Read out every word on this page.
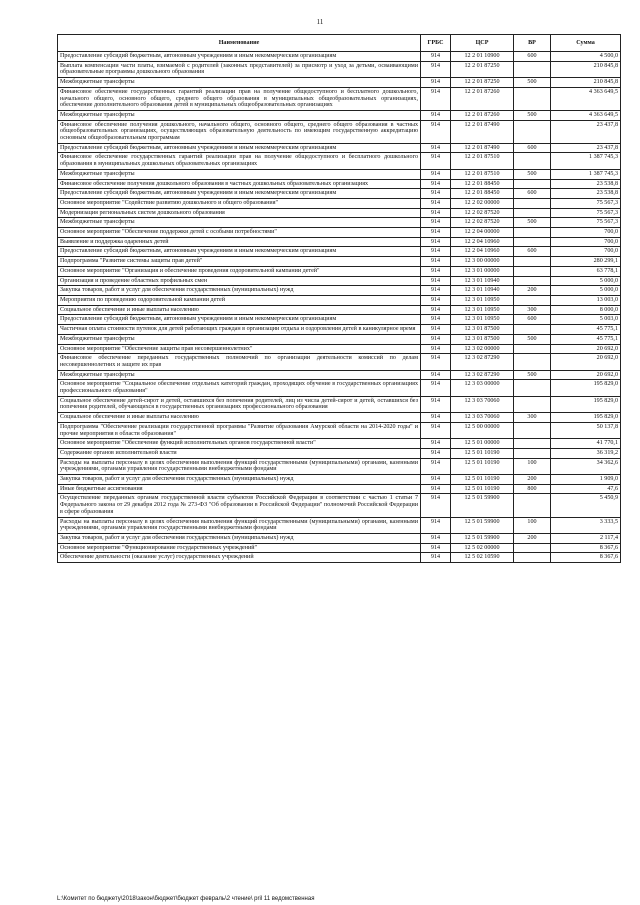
11
Наименование	ГРБС	ЦСР	ВР	Сумма
Предоставление субсидий бюджетным, автономным учреждениям и иным некоммерческим организациям	914	12 2 01 10900	600	4 500,0
Выплата компенсации части платы, взимаемой с родителей (законных представителей) за присмотр и уход за детьми, осваивающими образовательные программы дошкольного образования	914	12 2 01 87250		210 845,8
Межбюджетные трансферты	914	12 2 01 87250	500	210 845,8
Финансовое обеспечение государственных гарантий реализации прав на получение общедоступного и бесплатного дошкольного, начального общего, основного общего, среднего общего образования в муниципальных общеобразовательных организациях, обеспечение дополнительного образования детей в муниципальных общеобразовательных организациях	914	12 2 01 87260		4 363 649,5
Межбюджетные трансферты	914	12 2 01 87260	500	4 363 649,5
Финансовое обеспечение получения дошкольного, начального общего, основного общего, среднего общего образования в частных общеобразовательных организациях, осуществляющих образовательную деятельность по имеющим государственную аккредитацию основным общеобразовательным программам	914	12 2 01 87490		23 437,8
Предоставление субсидий бюджетным, автономным учреждениям и иным некоммерческим организациям	914	12 2 01 87490	600	23 437,8
Финансовое обеспечение государственных гарантий реализации прав на получение общедоступного и бесплатного дошкольного образования в муниципальных дошкольных образовательных организациях	914	12 2 01 87510		1 387 745,3
Межбюджетные трансферты	914	12 2 01 87510	500	1 387 745,3
Финансовое обеспечение получения дошкольного образования в частных дошкольных образовательных организациях	914	12 2 01 88450		23 538,8
Предоставление субсидий бюджетным, автономным учреждениям и иным некоммерческим организациям	914	12 2 01 88450	600	23 538,8
Основное мероприятие "Содействие развитию дошкольного и общего образования"	914	12 2 02 00000		75 567,3
Модернизация региональных систем дошкольного образования	914	12 2 02 87520		75 567,3
Межбюджетные трансферты	914	12 2 02 87520	500	75 567,3
Основное мероприятие "Обеспечение поддержки детей с особыми потребностями"	914	12 2 04 00000		700,0
Выявление и поддержка одаренных детей	914	12 2 04 10960		700,0
Предоставление субсидий бюджетным, автономным учреждениям и иным некоммерческим организациям	914	12 2 04 10960	600	700,0
Подпрограмма "Развитие системы защиты прав детей"	914	12 3 00 00000		280 299,1
Основное мероприятие "Организация и обеспечение проведения оздоровительной кампании детей"	914	12 3 01 00000		63 778,1
Организация и проведение областных профильных смен	914	12 3 01 10940		5 000,0
Закупка товаров, работ и услуг для обеспечения государственных (муниципальных) нужд	914	12 3 01 10940	200	5 000,0
Мероприятия по проведению оздоровительной кампании детей	914	12 3 01 10950		13 003,0
Социальное обеспечение и иные выплаты населению	914	12 3 01 10950	300	8 000,0
Предоставление субсидий бюджетным, автономным учреждениям и иным некоммерческим организациям	914	12 3 01 10950	600	5 003,0
Частичная оплата стоимости путевок для детей работающих граждан в организации отдыха и оздоровления детей в каникулярное время	914	12 3 01 87500		45 775,1
Межбюджетные трансферты	914	12 3 01 87500	500	45 775,1
Основное мероприятие "Обеспечение защиты прав несовершеннолетних"	914	12 3 02 00000		20 692,0
Финансовое обеспечение переданных государственных полномочий по организации деятельности комиссий по делам несовершеннолетних и защите их прав	914	12 3 02 87290		20 692,0
Межбюджетные трансферты	914	12 3 02 87290	500	20 692,0
Основное мероприятие "Социальное обеспечение отдельных категорий граждан, проходящих обучение в государственных организациях профессионального образования"	914	12 3 03 00000		195 829,0
Социальное обеспечение детей-сирот и детей, оставшихся без попечения родителей, лиц из числа детей-сирот и детей, оставшихся без попечения родителей, обучающихся в государственных организациях профессионального образования	914	12 3 03 70060		195 829,0
Социальное обеспечение и иные выплаты населению	914	12 3 03 70060	300	195 829,0
Подпрограмма "Обеспечение реализации государственной программы "Развитие образования Амурской области на 2014-2020 годы" и прочие мероприятия в области образования"	914	12 5 00 00000		50 137,8
Основное мероприятие "Обеспечение функций исполнительных органов государственной власти"	914	12 5 01 00000		41 770,1
Содержание органов исполнительной власти	914	12 5 01 10190		36 319,2
Расходы на выплаты персоналу в целях обеспечения выполнения функций государственными (муниципальными) органами, казенными учреждениями, органами управления государственными внебюджетными фондами	914	12 5 01 10190	100	34 362,6
Закупка товаров, работ и услуг для обеспечения государственных (муниципальных) нужд	914	12 5 01 10190	200	1 909,0
Иные бюджетные ассигнования	914	12 5 01 10190	800	47,6
Осуществление переданных органам государственной власти субъектов Российской Федерации в соответствии с частью 1 статьи 7 Федерального закона от 29 декабря 2012 года № 273-ФЗ "Об образовании в Российской Федерации" полномочий Российской Федерации в сфере образования	914	12 5 01 59900		5 450,9
Расходы на выплаты персоналу в целях обеспечения выполнения функций государственными (муниципальными) органами, казенными учреждениями, органами управления государственными внебюджетными фондами	914	12 5 01 59900	100	3 333,5
Закупка товаров, работ и услуг для обеспечения государственных (муниципальных) нужд	914	12 5 01 59900	200	2 117,4
Основное мероприятие "Функционирование государственных учреждений"	914	12 5 02 00000		8 367,6
Обеспечение деятельности (оказание услуг) государственных учреждений	914	12 5 02 10590		8 367,6
L:\Комитет по бюджету\2018\закон\бюджет\бюджет февраль\2 чтение\ pril 11 ведомственная
